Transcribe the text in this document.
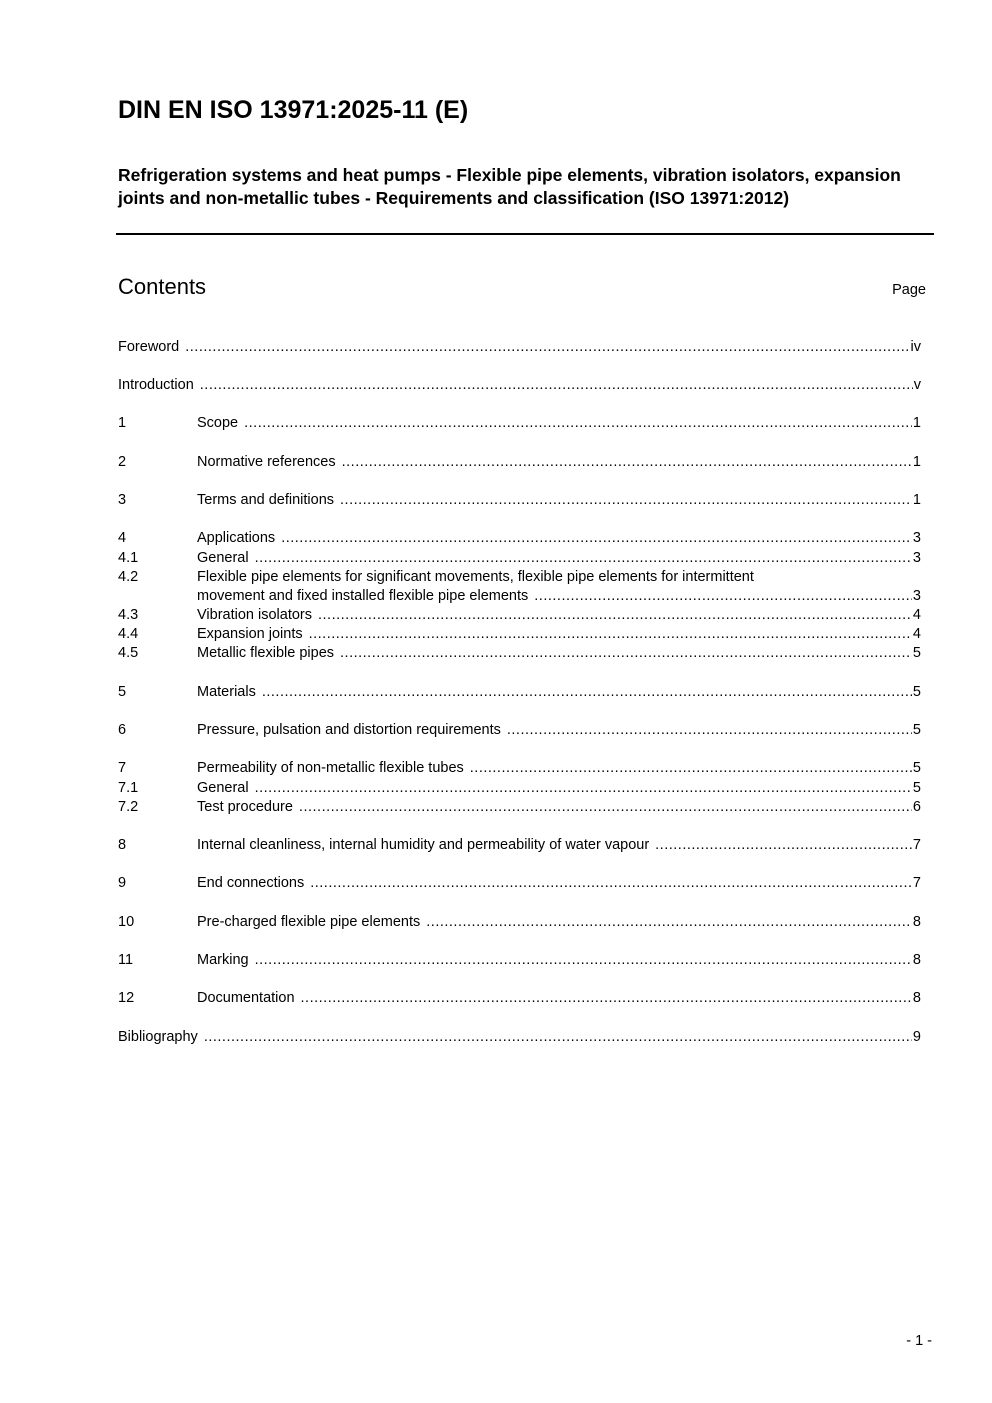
DIN EN ISO 13971:2025-11 (E)
Refrigeration systems and heat pumps - Flexible pipe elements, vibration isolators, expansion joints and non-metallic tubes - Requirements and classification (ISO 13971:2012)
Contents	Page
Foreword .....	iv
Introduction .....	v
1	Scope .....	1
2	Normative references .....	1
3	Terms and definitions .....	1
4	Applications .....	3
4.1	General .....	3
4.2	Flexible pipe elements for significant movements, flexible pipe elements for intermittent
movement and fixed installed flexible pipe elements .....	3
4.3	Vibration isolators .....	4
4.4	Expansion joints .....	4
4.5	Metallic flexible pipes .....	5
5	Materials .....	5
6	Pressure, pulsation and distortion requirements .....	5
7	Permeability of non-metallic flexible tubes .....	5
7.1	General .....	5
7.2	Test procedure .....	6
8	Internal cleanliness, internal humidity and permeability of water vapour .....	7
9	End connections .....	7
10	Pre-charged flexible pipe elements .....	8
11	Marking .....	8
12	Documentation .....	8
Bibliography .....	9
- 1 -
